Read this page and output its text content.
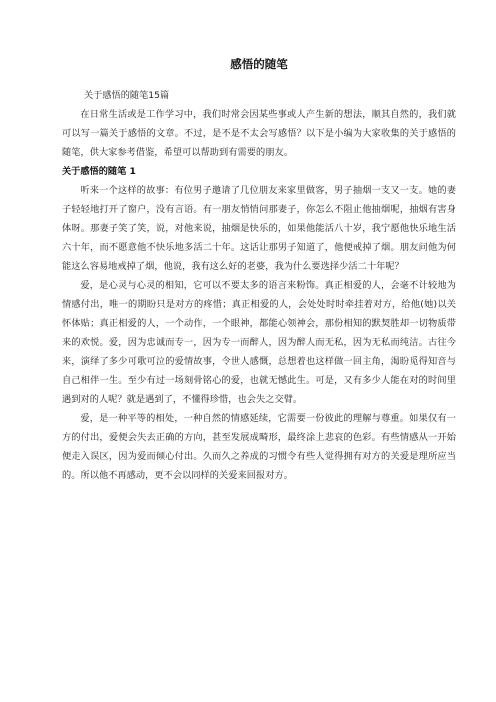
感悟的随笔
关于感悟的随笔15篇

在日常生活或是工作学习中，我们时常会因某些事或人产生新的想法，顺其自然的，我们就可以写一篇关于感悟的文章。不过，是不是不太会写感悟？以下是小编为大家收集的关于感悟的随笔，供大家参考借鉴，希望可以帮助到有需要的朋友。

关于感悟的随笔 1

听来一个这样的故事：有位男子邀请了几位朋友来家里做客，男子抽烟一支又一支。她的妻子轻轻地打开了窗户，没有言语。有一朋友悄悄问那妻子，你怎么不阻止他抽烟呢，抽烟有害身体呀。那妻子笑了笑，说，对他来说，抽烟是快乐的，如果他能活八十岁，我宁愿他快乐地生活六十年，而不愿意他不快乐地多活二十年。这话让那男子知道了，他便戒掉了烟。朋友问他为何能这么容易地戒掉了烟，他说，我有这么好的老婆，我为什么要选择少活二十年呢？

爱，是心灵与心灵的相知，它可以不要太多的语言来粉饰。真正相爱的人，会毫不计较地为情感付出，唯一的期盼只是对方的疼惜；真正相爱的人，会处处时时牵挂着对方，给他(她)以关怀体贴；真正相爱的人，一个动作，一个眼神，都能心领神会，那份相知的默契胜却一切物质带来的欢悦。爱，因为忠诚而专一，因为专一而醉人，因为醉人而无私，因为无私而纯洁。古往今来，演绎了多少可歌可泣的爱情故事，令世人感慨，总想着也这样做一回主角，渴盼觅得知音与自己相伴一生。至少有过一场刻骨铭心的爱，也就无憾此生。可是，又有多少人能在对的时间里遇到对的人呢？就是遇到了，不懂得珍惜，也会失之交臂。

爱，是一种平等的相处，一种自然的情感延续，它需要一份彼此的理解与尊重。如果仅有一方的付出，爱便会失去正确的方向，甚至发展成畸形，最终涂上悲哀的色彩。有些情感从一开始便走入误区，因为爱而倾心付出。久而久之养成的习惯令有些人觉得拥有对方的关爱是理所应当的。所以他不再感动，更不会以同样的关爱来回报对方。
